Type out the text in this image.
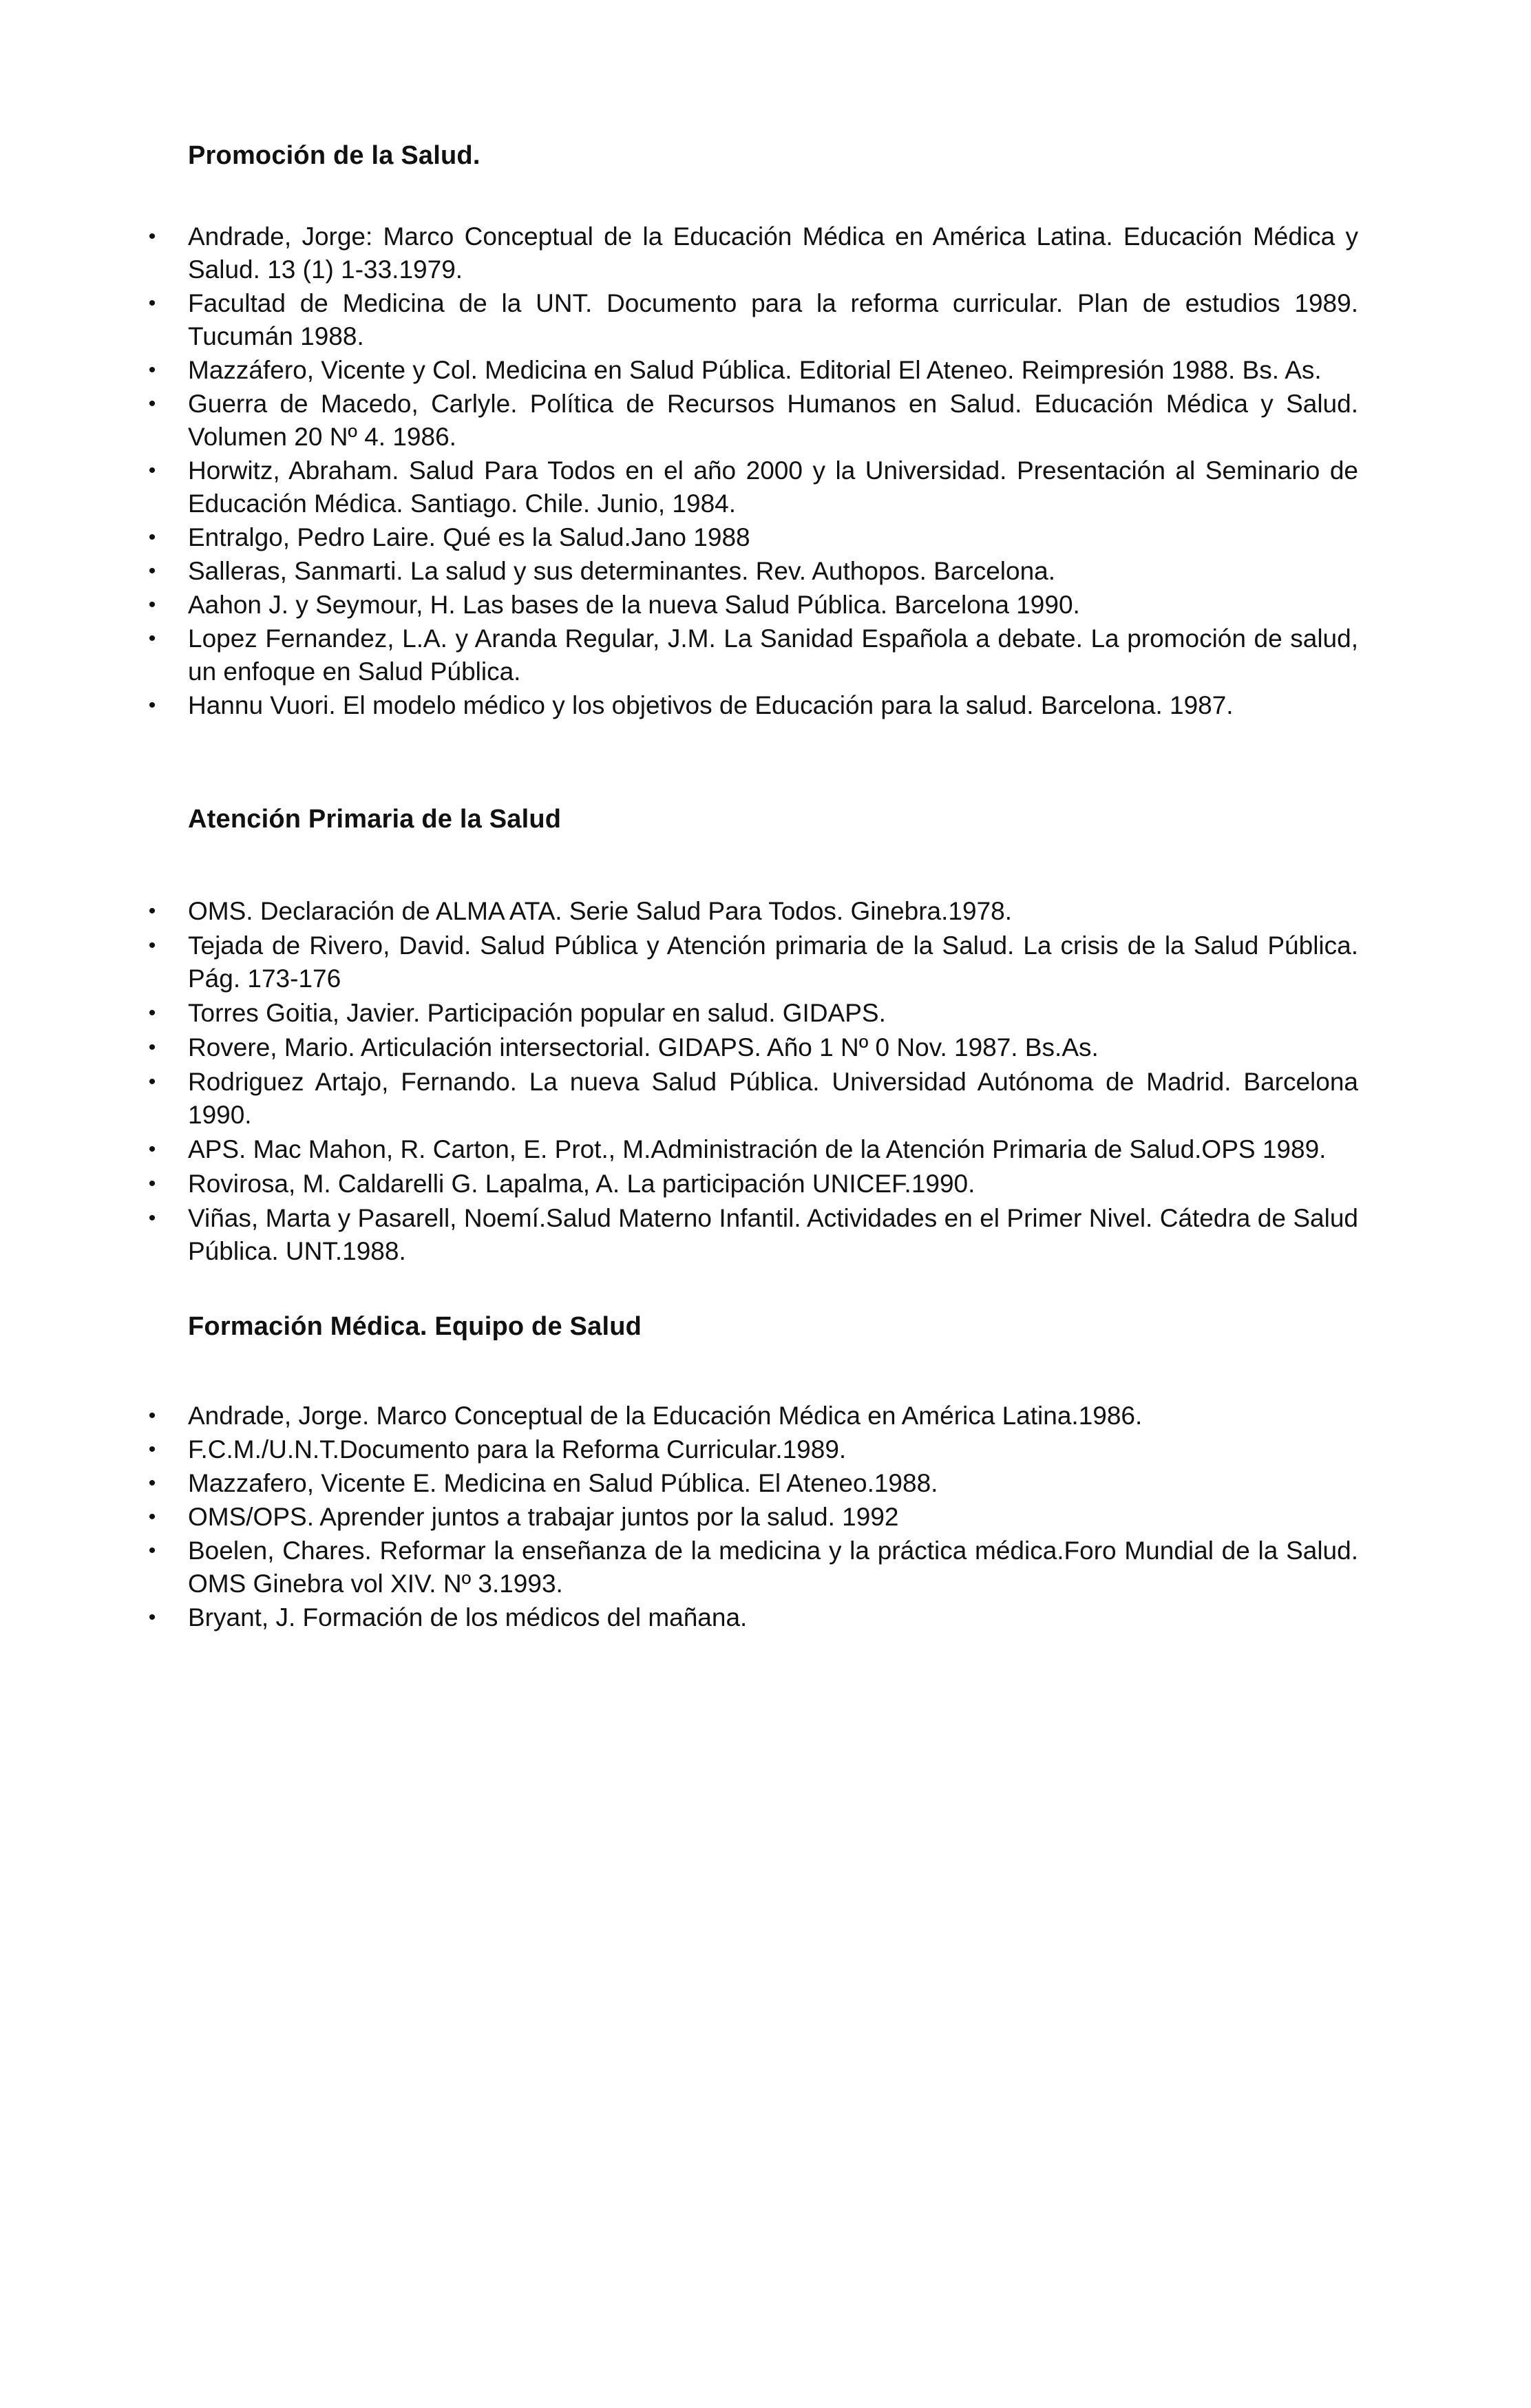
Promoción de la Salud.
• Andrade, Jorge: Marco Conceptual de la Educación Médica en América Latina. Educación Médica y Salud. 13 (1) 1-33.1979.
• Facultad de Medicina de la UNT. Documento para la reforma curricular. Plan de estudios 1989. Tucumán 1988.
• Mazzáfero, Vicente y Col. Medicina en Salud Pública. Editorial El Ateneo. Reimpresión 1988. Bs. As.
• Guerra de Macedo, Carlyle. Política de Recursos Humanos en Salud. Educación Médica y Salud. Volumen 20 Nº 4. 1986.
• Horwitz, Abraham. Salud Para Todos en el año 2000 y la Universidad. Presentación al Seminario de Educación Médica. Santiago. Chile. Junio, 1984.
• Entralgo, Pedro Laire. Qué es la Salud.Jano 1988
• Salleras, Sanmarti. La salud y sus determinantes. Rev. Authopos. Barcelona.
• Aahon J. y Seymour, H. Las bases de la nueva Salud Pública. Barcelona 1990.
• Lopez Fernandez, L.A. y Aranda Regular, J.M. La Sanidad Española a debate. La promoción de salud, un enfoque en Salud Pública.
• Hannu Vuori. El modelo médico y los objetivos de Educación para la salud. Barcelona. 1987.
Atención Primaria de la Salud
• OMS. Declaración de ALMA ATA. Serie Salud Para Todos. Ginebra.1978.
• Tejada de Rivero, David. Salud Pública y Atención primaria de la Salud. La crisis de la Salud Pública. Pág. 173-176
• Torres Goitia, Javier. Participación popular en salud. GIDAPS.
• Rovere, Mario. Articulación intersectorial. GIDAPS. Año 1 Nº 0 Nov. 1987. Bs.As.
• Rodriguez Artajo, Fernando. La nueva Salud Pública. Universidad Autónoma de Madrid. Barcelona 1990.
• APS. Mac Mahon, R. Carton, E. Prot., M.Administración de la Atención Primaria de Salud.OPS 1989.
• Rovirosa, M. Caldarelli G. Lapalma, A. La participación UNICEF.1990.
• Viñas, Marta y Pasarell, Noemí.Salud Materno Infantil. Actividades en el Primer Nivel. Cátedra de Salud Pública. UNT.1988.
Formación Médica. Equipo de Salud
• Andrade, Jorge. Marco Conceptual de la Educación Médica en América Latina.1986.
• F.C.M./U.N.T.Documento para la Reforma Curricular.1989.
• Mazzafero, Vicente E. Medicina en Salud Pública. El Ateneo.1988.
• OMS/OPS. Aprender juntos a trabajar juntos por la salud. 1992
• Boelen, Chares. Reformar la enseñanza de la medicina y la práctica médica.Foro Mundial de la Salud. OMS Ginebra vol XIV. Nº 3.1993.
• Bryant, J. Formación de los médicos del mañana.
